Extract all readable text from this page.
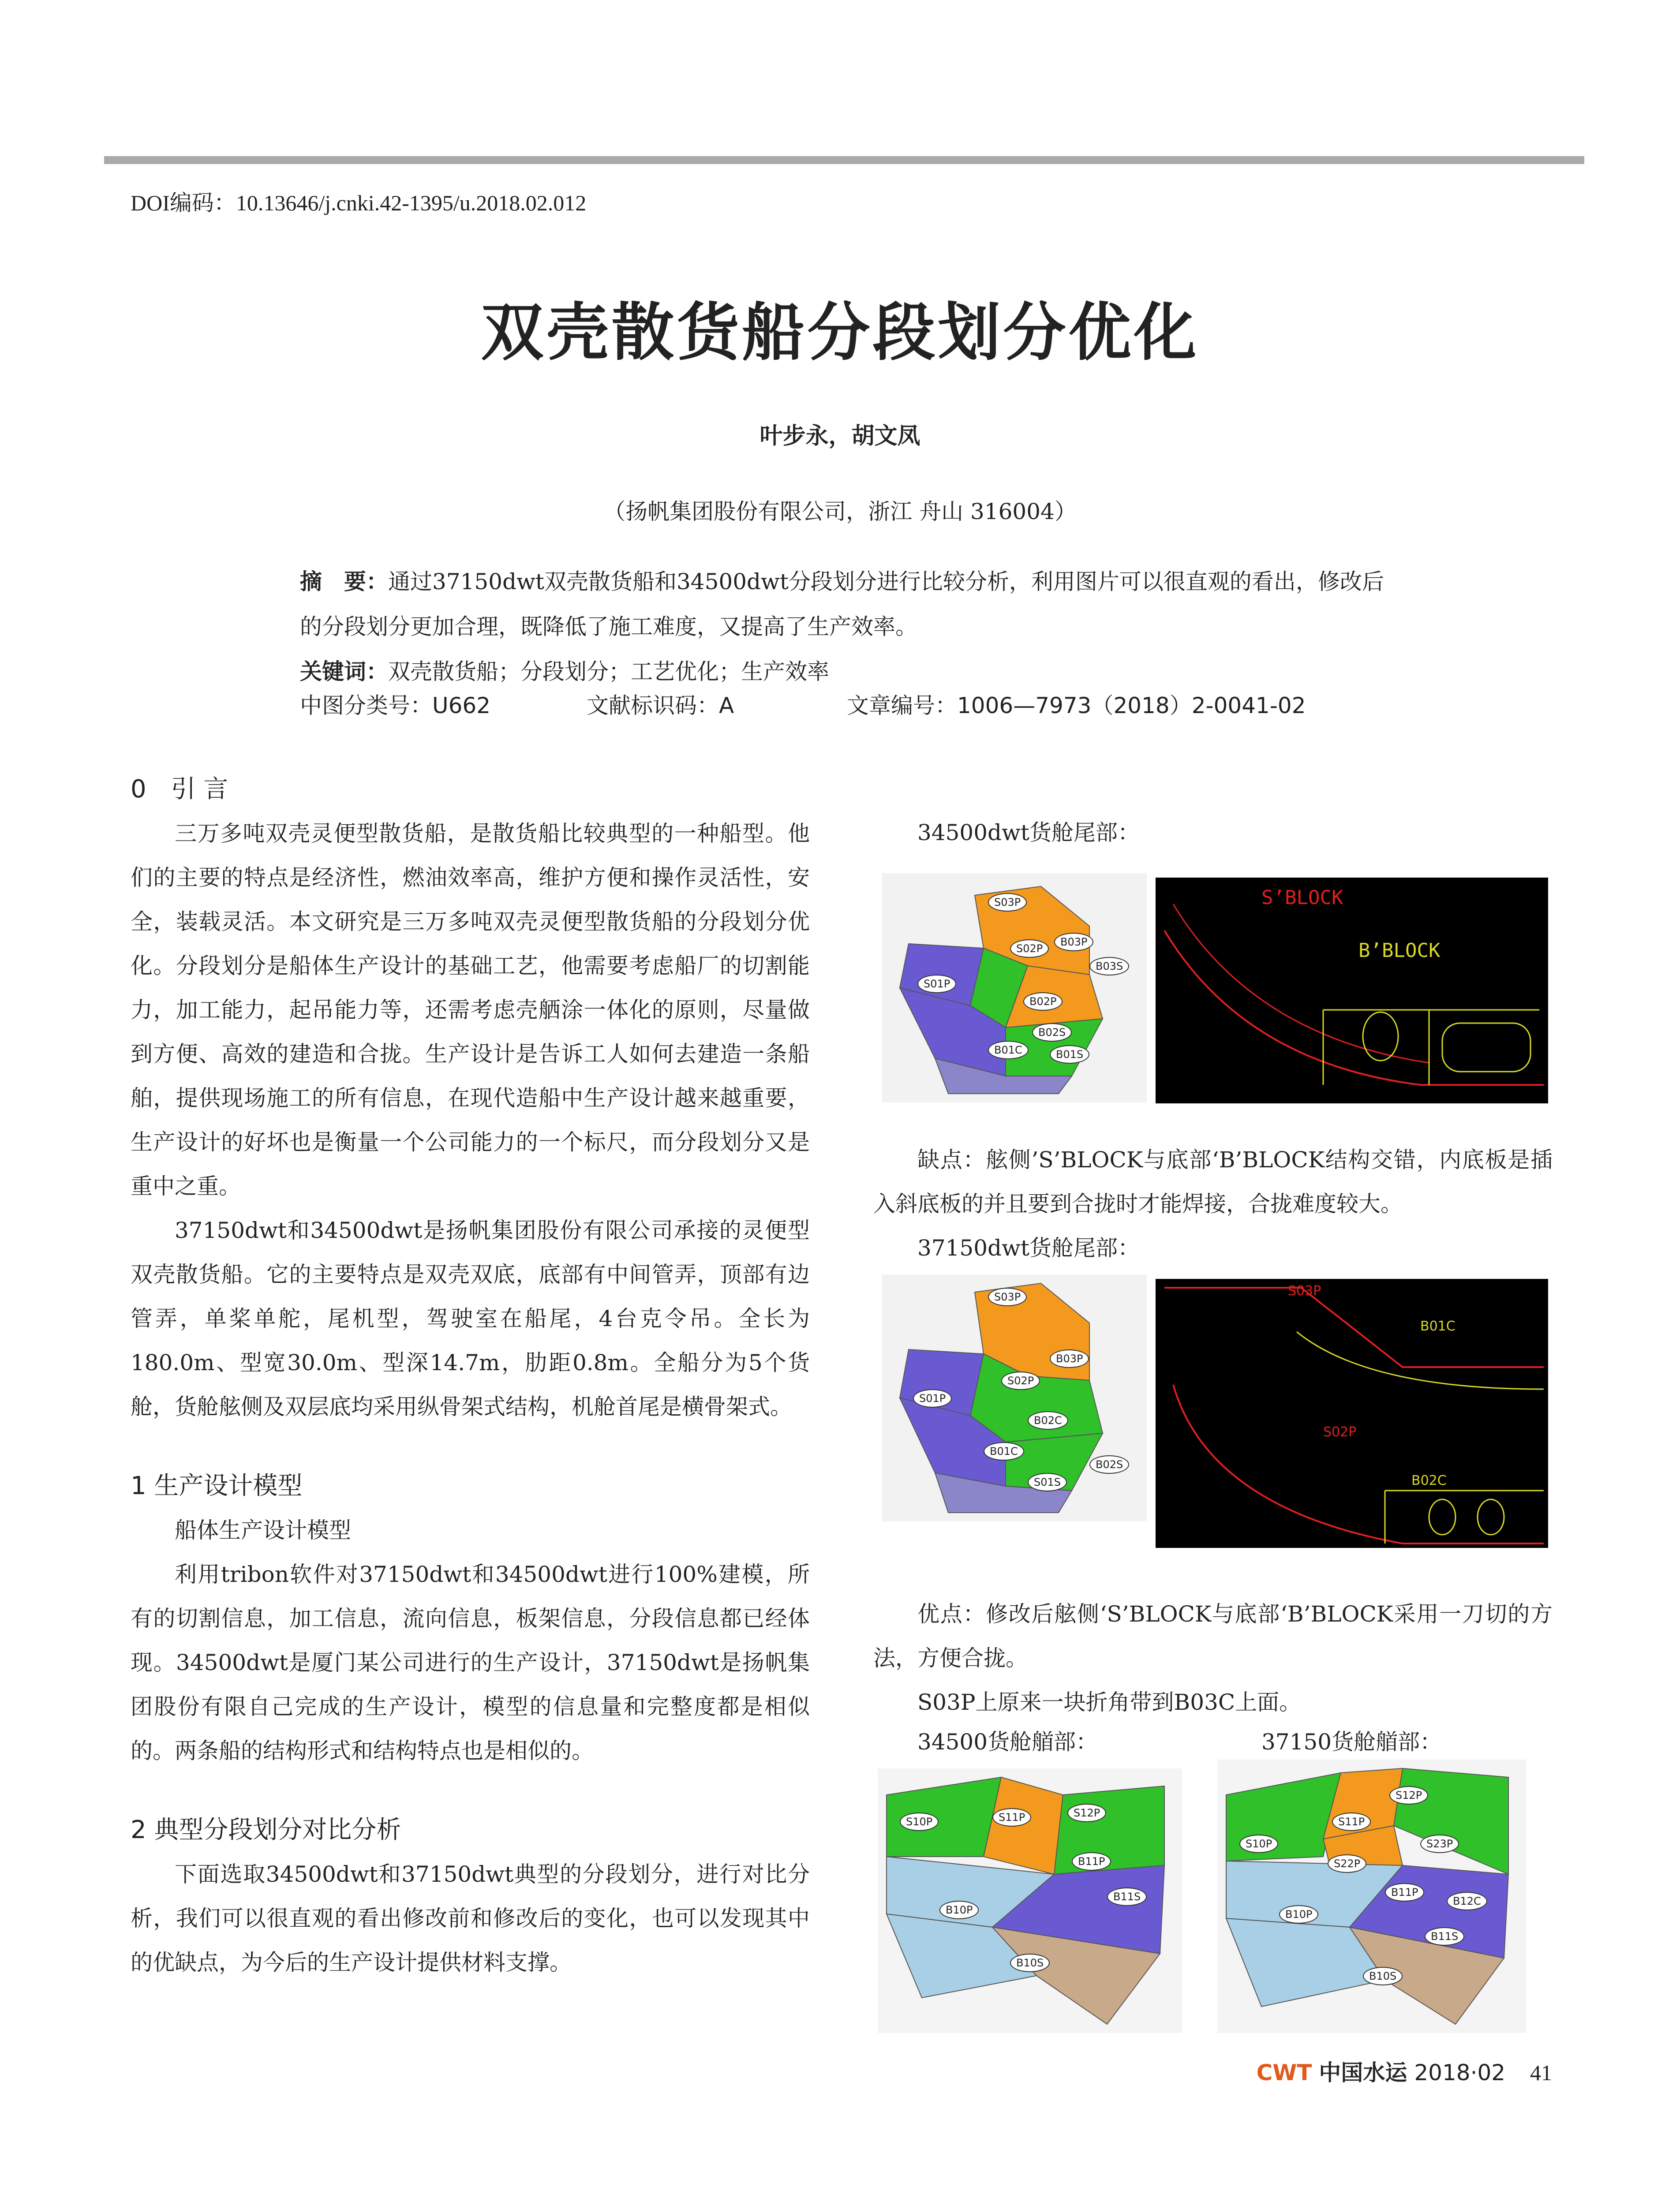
DOI编码：10.13646/j.cnki.42-1395/u.2018.02.012
双壳散货船分段划分优化
叶步永，胡文凤
（扬帆集团股份有限公司，浙江 舟山 316004）
摘　要：通过37150dwt双壳散货船和34500dwt分段划分进行比较分析，利用图片可以很直观的看出，修改后的分段划分更加合理，既降低了施工难度，又提高了生产效率。
关键词：双壳散货船；分段划分；工艺优化；生产效率
中图分类号：U662	文献标识码：A	文章编号：1006—7973（2018）2-0041-02

0　引 言

三万多吨双壳灵便型散货船，是散货船比较典型的一种船型。他们的主要的特点是经济性，燃油效率高，维护方便和操作灵活性，安全，装载灵活。本文研究是三万多吨双壳灵便型散货船的分段划分优化。分段划分是船体生产设计的基础工艺，他需要考虑船厂的切割能力，加工能力，起吊能力等，还需考虑壳舾涂一体化的原则，尽量做到方便、高效的建造和合拢。生产设计是告诉工人如何去建造一条船舶，提供现场施工的所有信息，在现代造船中生产设计越来越重要，生产设计的好坏也是衡量一个公司能力的一个标尺，而分段划分又是重中之重。

37150dwt和34500dwt是扬帆集团股份有限公司承接的灵便型双壳散货船。它的主要特点是双壳双底，底部有中间管弄，顶部有边管弄，单桨单舵，尾机型，驾驶室在船尾，4台克令吊。全长为180.0m、型宽30.0m、型深14.7m，肋距0.8m。全船分为5个货舱，货舱舷侧及双层底均采用纵骨架式结构，机舱首尾是横骨架式。

1 生产设计模型

船体生产设计模型

利用tribon软件对37150dwt和34500dwt进行100%建模，所有的切割信息，加工信息，流向信息，板架信息，分段信息都已经体现。34500dwt是厦门某公司进行的生产设计，37150dwt是扬帆集团股份有限自己完成的生产设计，模型的信息量和完整度都是相似的。两条船的结构形式和结构特点也是相似的。

2 典型分段划分对比分析

下面选取34500dwt和37150dwt典型的分段划分，进行对比分析，我们可以很直观的看出修改前和修改后的变化，也可以发现其中的优缺点，为今后的生产设计提供材料支撑。

34500dwt货舱尾部：

缺点：舷侧’S’BLOCK与底部‘B’BLOCK结构交错，内底板是插入斜底板的并且要到合拢时才能焊接，合拢难度较大。

37150dwt货舱尾部：

优点：修改后舷侧‘S’BLOCK与底部‘B’BLOCK采用一刀切的方法，方便合拢。

S03P上原来一块折角带到B03C上面。

34500货舱艏部：	37150货舱艏部：
S03P
B03P
S02P
B03S
S01P
B02P
B02S
B01C	B01S
S’BLOCK
B’BLOCK
S03P
B03P
S02P
S01P
B02C
B01C
B02S
S01S
S03P
B01C
S02P
B02C
S10P	S11P	S12P
B11P
B11S
B10P
B10S
S12P
S11P
S10P
S22P
S23P
B11P
B12C
B11S
B10P
B10S
CWT 中国水运 2018·02 41
